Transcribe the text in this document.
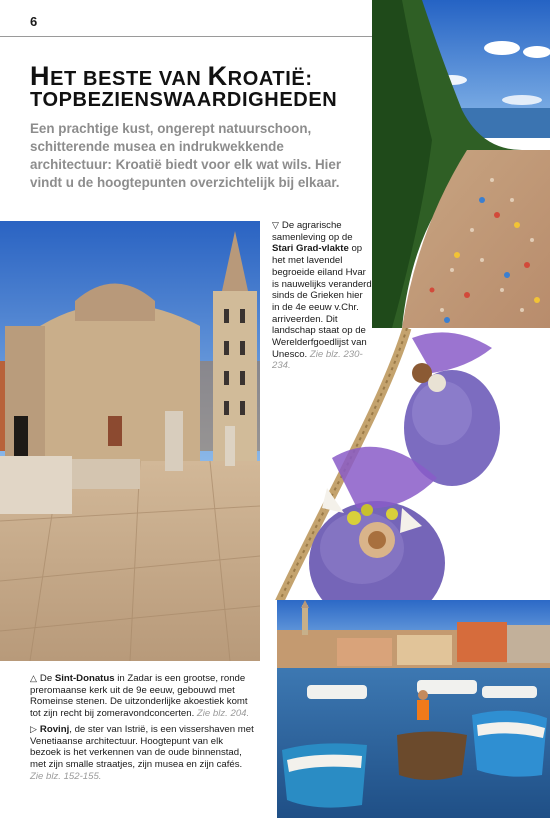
6
HET BESTE VAN KROATIË:
TOPBEZIENSWAARDIGHEDEN
Een prachtige kust, ongerept natuurschoon, schitterende musea en indrukwekkende architectuur: Kroatië biedt voor elk wat wils. Hier vindt u de hoogtepunten overzichtelijk bij elkaar.
▽ De agrarische samenleving op de Stari Grad-vlakte op het met lavendel begroeide eiland Hvar is nauwelijks veranderd sinds de Grieken hier in de 4e eeuw v.Chr. arriveerden. Dit landschap staat op de Werelderfgoedlijst van Unesco. Zie blz. 230-234.
△ De Sint-Donatus in Zadar is een grootse, ronde preromaanse kerk uit de 9e eeuw, gebouwd met Romeinse stenen. De uitzonderlijke akoestiek komt tot zijn recht bij zomeravondconcerten. Zie blz. 204.
▷ Rovinj, de ster van Istrië, is een vissershaven met Venetiaanse architectuur. Hoogtepunt van elk bezoek is het verkennen van de oude binnenstad, met zijn smalle straatjes, zijn musea en zijn cafés. Zie blz. 152-155.
